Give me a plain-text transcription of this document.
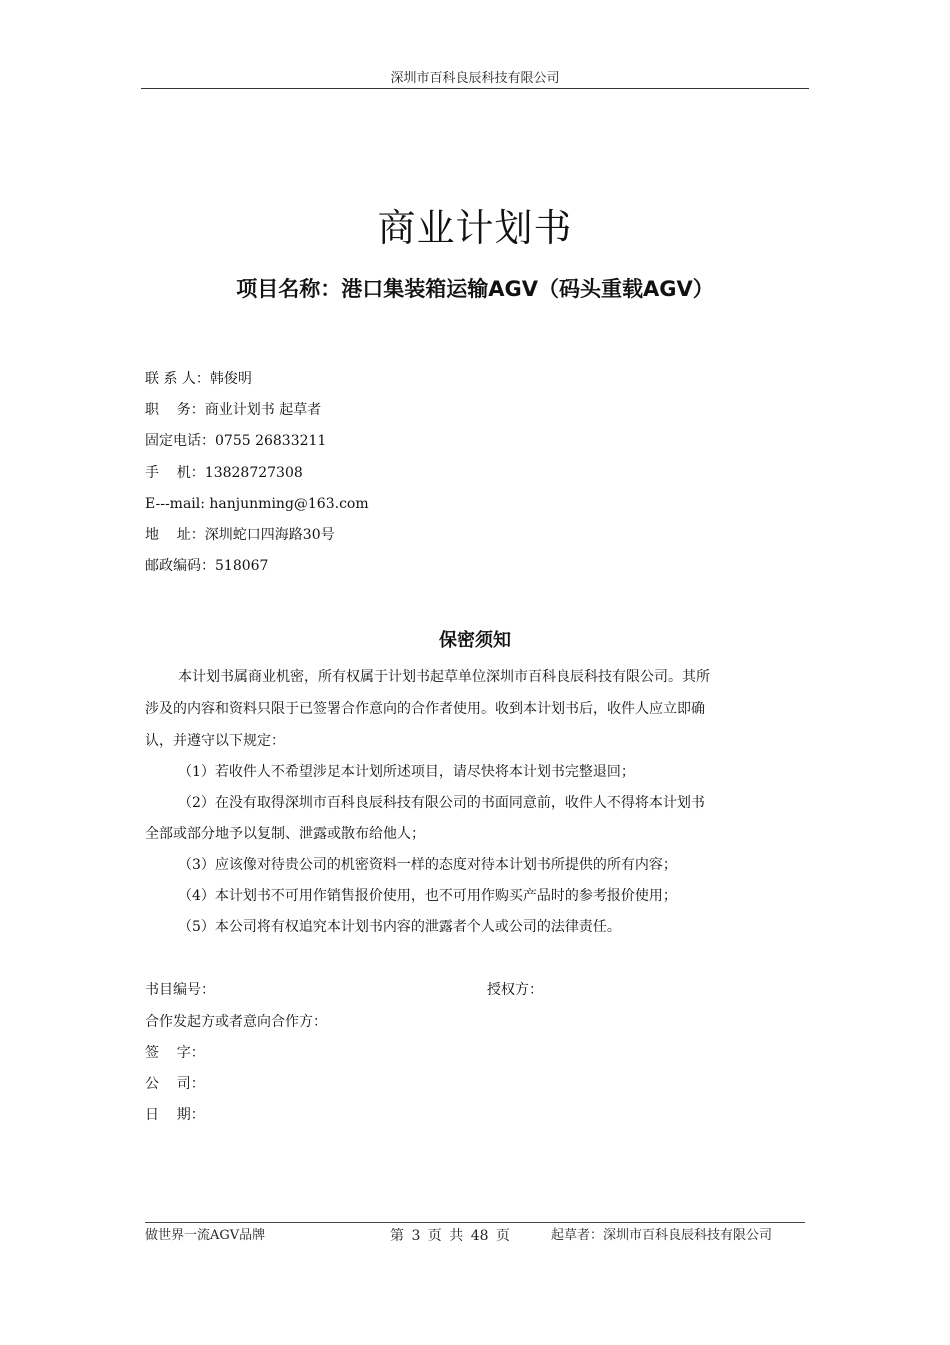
深圳市百科良辰科技有限公司
商业计划书
项目名称：港口集装箱运输AGV（码头重载AGV）
联 系 人：韩俊明
职    务：商业计划书 起草者
固定电话：0755 26833211
手    机：13828727308
E---mail: hanjunming@163.com
地    址：深圳蛇口四海路30号
邮政编码：518067
保密须知
本计划书属商业机密，所有权属于计划书起草单位深圳市百科良辰科技有限公司。其所
涉及的内容和资料只限于已签署合作意向的合作者使用。收到本计划书后，收件人应立即确
认，并遵守以下规定：
（1）若收件人不希望涉足本计划所述项目，请尽快将本计划书完整退回；
（2）在没有取得深圳市百科良辰科技有限公司的书面同意前，收件人不得将本计划书
全部或部分地予以复制、泄露或散布给他人；
（3）应该像对待贵公司的机密资料一样的态度对待本计划书所提供的所有内容；
（4）本计划书不可用作销售报价使用，也不可用作购买产品时的参考报价使用；
（5）本公司将有权追究本计划书内容的泄露者个人或公司的法律责任。
书目编号：	授权方：
合作发起方或者意向合作方：
签    字：
公    司：
日    期：
做世界一流AGV品牌	第 3 页 共 48 页	起草者：深圳市百科良辰科技有限公司
